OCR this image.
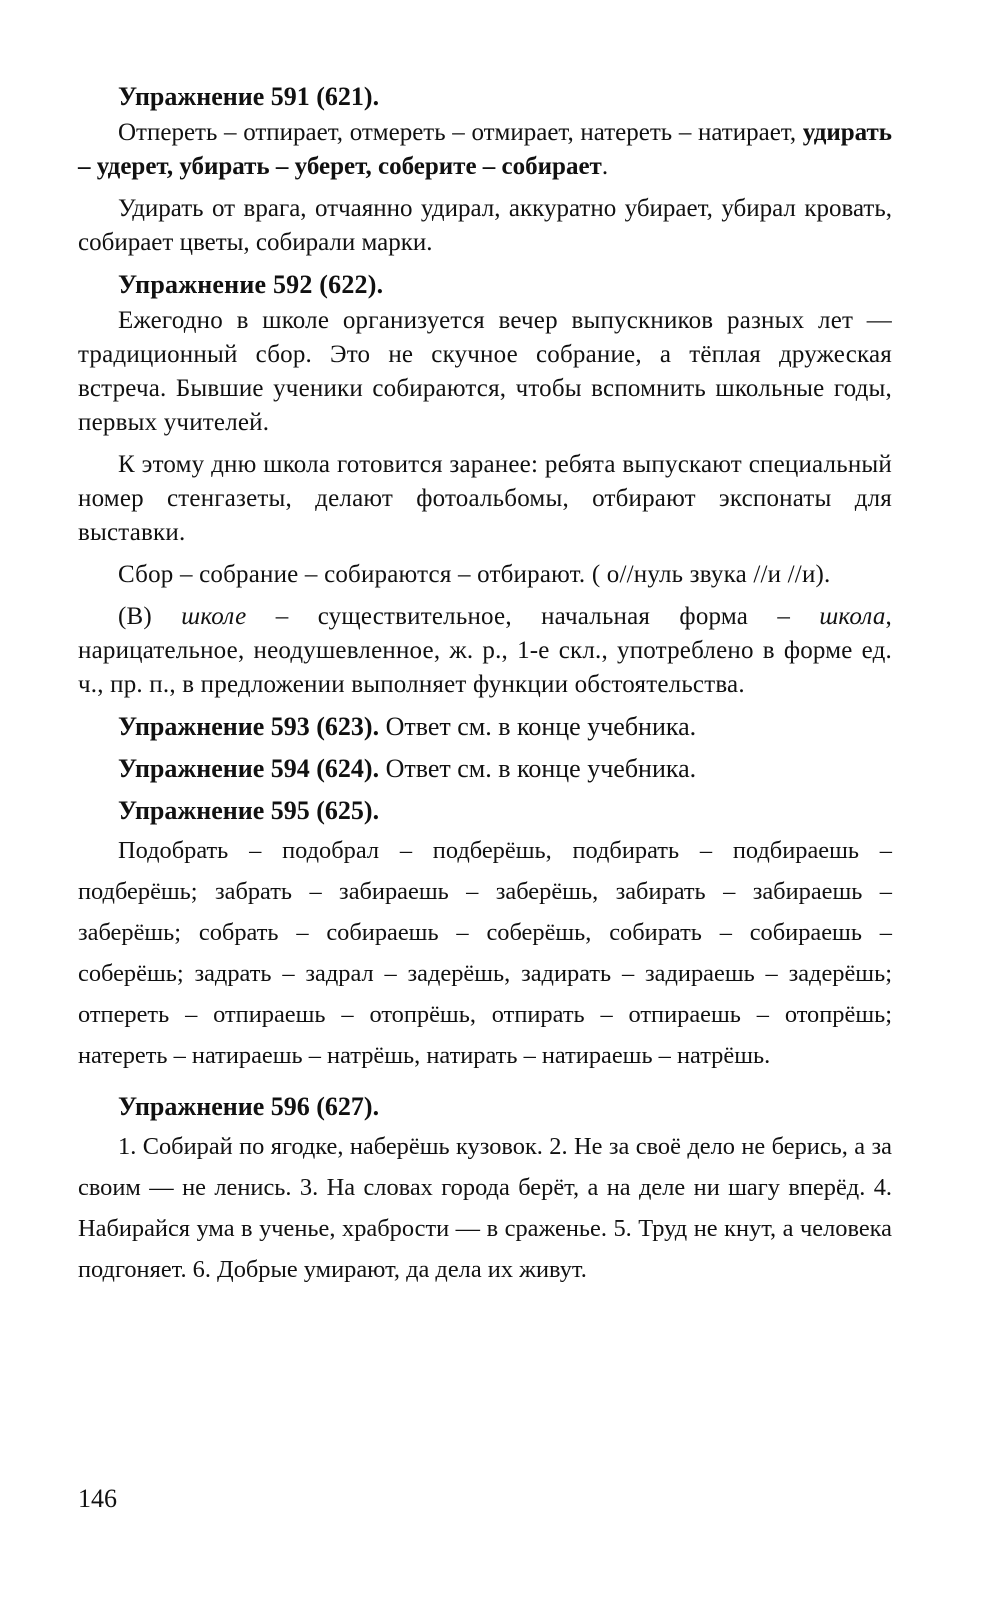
Упражнение 591 (621).

Отпереть – отпирает, отмереть – отмирает, натереть – натирает, удирать – удерет, убирать – уберет, соберите – собирает.

Удирать от врага, отчаянно удирал, аккуратно убирает, убирал кровать, собирает цветы, собирали марки.

Упражнение 592 (622).

Ежегодно в школе организуется вечер выпускников разных лет — традиционный сбор. Это не скучное собрание, а тёплая дружеская встреча. Бывшие ученики собираются, чтобы вспомнить школьные годы, первых учителей.

К этому дню школа готовится заранее: ребята выпускают специальный номер стенгазеты, делают фотоальбомы, отбирают экспонаты для выставки.

Сбор – собрание – собираются – отбирают. ( о//нуль звука //и //и).

(В) школе – существительное, начальная форма – школа, нарицательное, неодушевленное, ж. р., 1-е скл., употреблено в форме ед. ч., пр. п., в предложении выполняет функции обстоятельства.

Упражнение 593 (623). Ответ см. в конце учебника.
Упражнение 594 (624). Ответ см. в конце учебника.
Упражнение 595 (625).

Подобрать – подобрал – подберёшь, подбирать – подбираешь – подберёшь; забрать – забираешь – заберёшь, забирать – забираешь – заберёшь; собрать – собираешь – соберёшь, собирать – собираешь – соберёшь; задрать – задрал – задерёшь, задирать – задираешь – задерёшь; отпереть – отпираешь – отопрёшь, отпирать – отпираешь – отопрёшь; натереть – натираешь – натрёшь, натирать – натираешь – натрёшь.

Упражнение 596 (627).

1. Собирай по ягодке, наберёшь кузовок. 2. Не за своё дело не берись, а за своим — не ленись. 3. На словах города берёт, а на деле ни шагу вперёд. 4. Набирайся ума в ученье, храбрости — в сраженье. 5. Труд не кнут, а человека подгоняет. 6. Добрые умирают, да дела их живут.

146
